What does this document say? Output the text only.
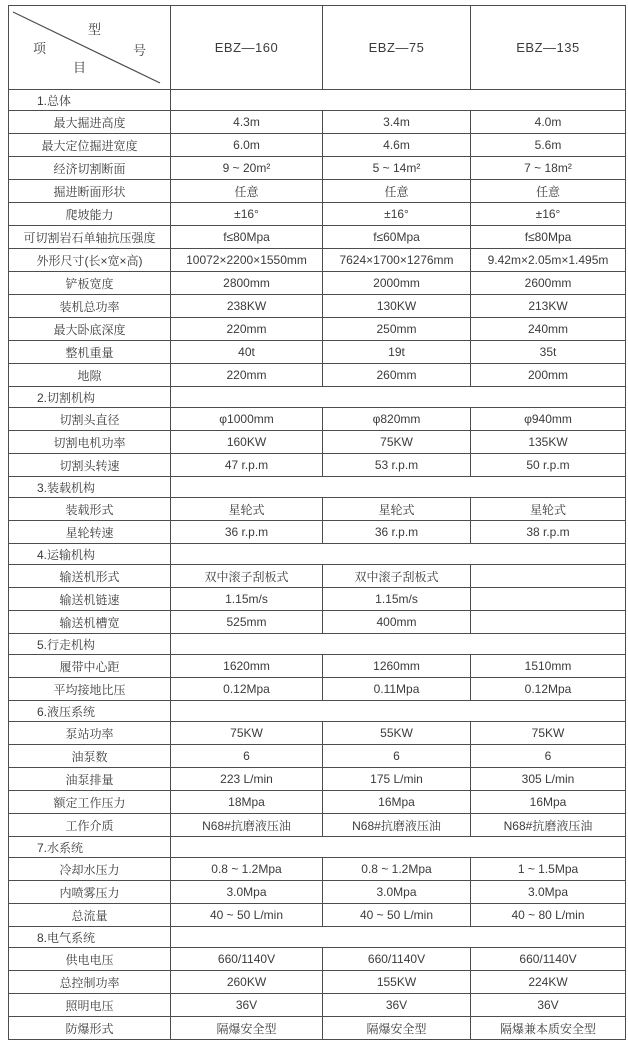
型
号
项
目	EBZ—160	EBZ—75	EBZ—135
1.总体			
最大掘进高度	4.3m	3.4m	4.0m
最大定位掘进宽度	6.0m	4.6m	5.6m
经济切割断面	9 ~ 20m²	5 ~ 14m²	7 ~ 18m²
掘进断面形状	任意	任意	任意
爬坡能力	±16°	±16°	±16°
可切割岩石单轴抗压强度	f≤80Mpa	f≤60Mpa	f≤80Mpa
外形尺寸(长×宽×高)	10072×2200×1550mm	7624×1700×1276mm	9.42m×2.05m×1.495m
铲板宽度	2800mm	2000mm	2600mm
装机总功率	238KW	130KW	213KW
最大卧底深度	220mm	250mm	240mm
整机重量	40t	19t	35t
地隙	220mm	260mm	200mm
2.切割机构			
切割头直径	φ1000mm	φ820mm	φ940mm
切割电机功率	160KW	75KW	135KW
切割头转速	47 r.p.m	53 r.p.m	50 r.p.m
3.装载机构			
装载形式	星轮式	星轮式	星轮式
星轮转速	36 r.p.m	36 r.p.m	38 r.p.m
4.运输机构			
输送机形式	双中滚子刮板式	双中滚子刮板式	
输送机链速	1.15m/s	1.15m/s	
输送机槽宽	525mm	400mm	
5.行走机构			
履带中心距	1620mm	1260mm	1510mm
平均接地比压	0.12Mpa	0.11Mpa	0.12Mpa
6.液压系统			
泵站功率	75KW	55KW	75KW
油泵数	6	6	6
油泵排量	223 L/min	175 L/min	305 L/min
额定工作压力	18Mpa	16Mpa	16Mpa
工作介质	N68#抗磨液压油	N68#抗磨液压油	N68#抗磨液压油
7.水系统			
冷却水压力	0.8 ~ 1.2Mpa	0.8 ~ 1.2Mpa	1 ~ 1.5Mpa
内喷雾压力	3.0Mpa	3.0Mpa	3.0Mpa
总流量	40 ~ 50 L/min	40 ~ 50 L/min	40 ~ 80 L/min
8.电气系统			
供电电压	660/1140V	660/1140V	660/1140V
总控制功率	260KW	155KW	224KW
照明电压	36V	36V	36V
防爆形式	隔爆安全型	隔爆安全型	隔爆兼本质安全型
